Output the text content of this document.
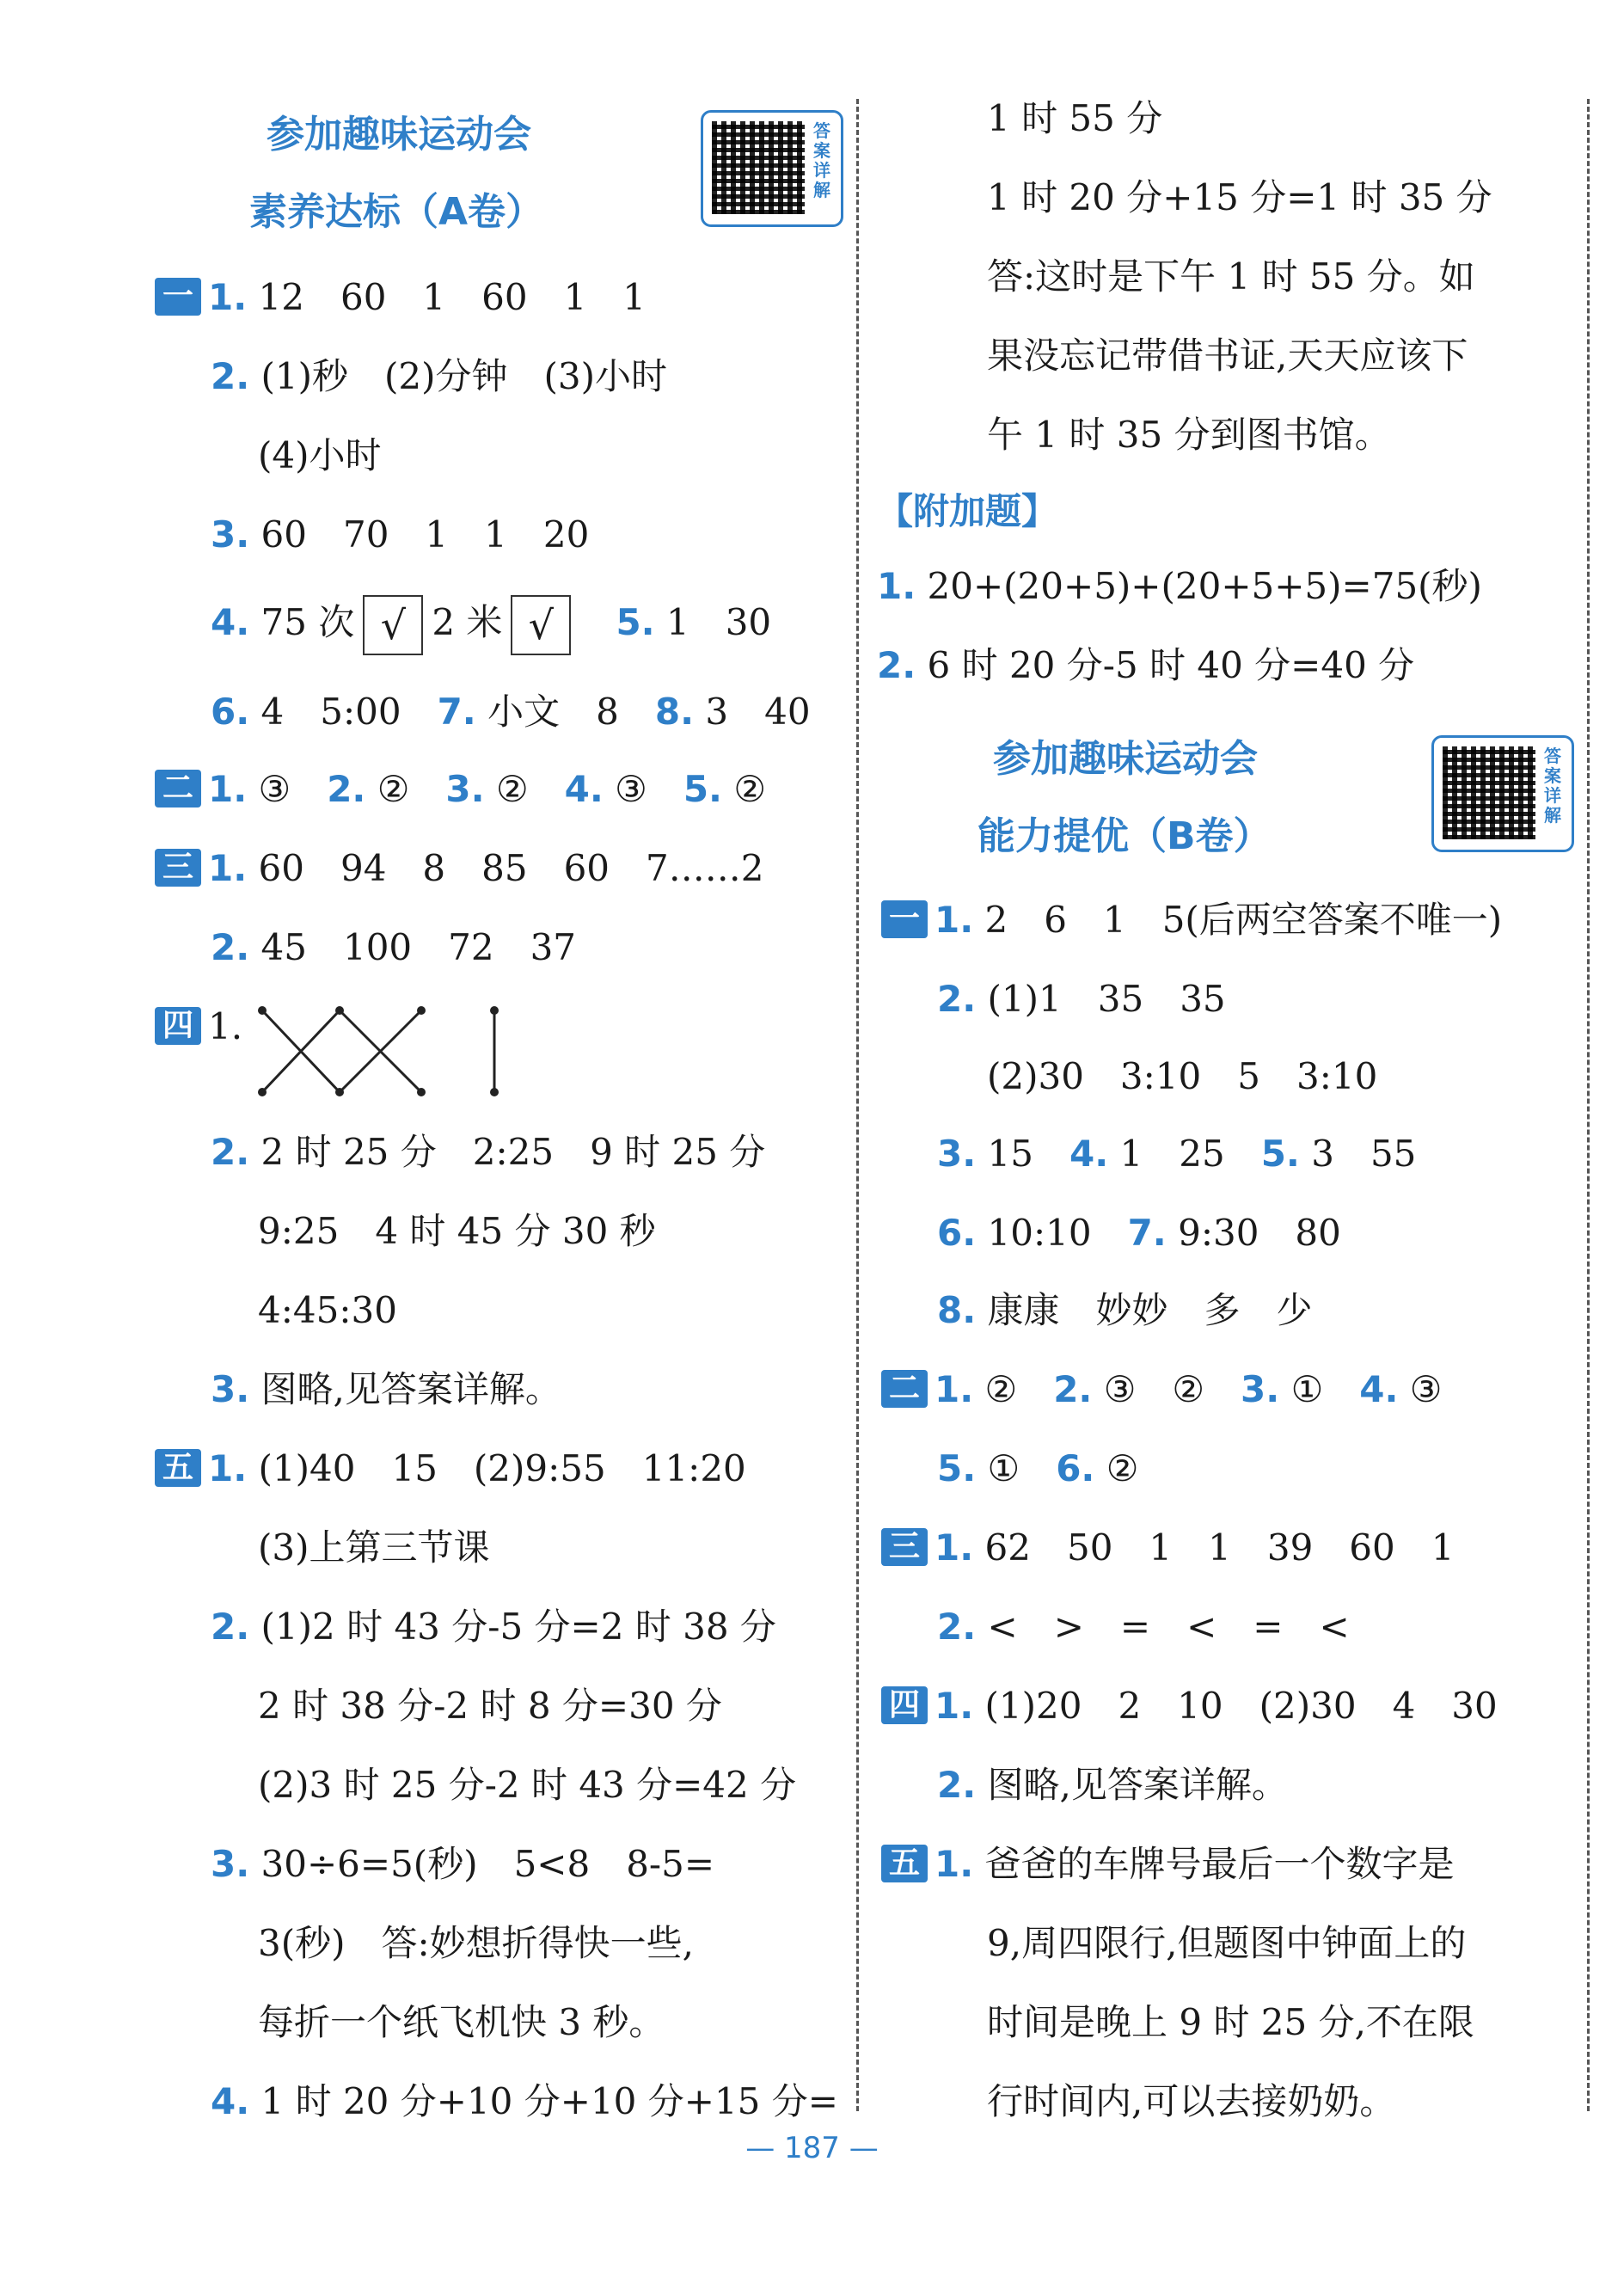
参加趣味运动会
素养达标（A卷）
答案详解
一 1. 12　60　1　60　1　1
2. (1)秒　(2)分钟　(3)小时
(4)小时
3. 60　70　1　1　20
4. 75 次 √ 2 米 √　 5. 1　30
6. 4　5:00　7. 小文　8　8. 3　40
二 1. ③　2. ②　3. ②　4. ③　5. ②
三 1. 60　94　8　85　60　7……2
2. 45　100　72　37
四 1.
2. 2 时 25 分　2:25　9 时 25 分
9:25　4 时 45 分 30 秒
4:45:30
3. 图略,见答案详解。
五 1. (1)40　15　(2)9:55　11:20
(3)上第三节课
2. (1)2 时 43 分-5 分=2 时 38 分
2 时 38 分-2 时 8 分=30 分
(2)3 时 25 分-2 时 43 分=42 分
3. 30÷6=5(秒)　5<8　8-5=
3(秒)　答:妙想折得快一些,
每折一个纸飞机快 3 秒。
4. 1 时 20 分+10 分+10 分+15 分=
1 时 55 分
1 时 20 分+15 分=1 时 35 分
答:这时是下午 1 时 55 分。如
果没忘记带借书证,天天应该下
午 1 时 35 分到图书馆。
【附加题】
1. 20+(20+5)+(20+5+5)=75(秒)
2. 6 时 20 分-5 时 40 分=40 分
参加趣味运动会
能力提优（B卷）
答案详解
一 1. 2　6　1　5(后两空答案不唯一)
2. (1)1　35　35
(2)30　3:10　5　3:10
3. 15　4. 1　25　5. 3　55
6. 10:10　7. 9:30　80
8. 康康　妙妙　多　少
二 1. ②　2. ③　②　3. ①　4. ③
5. ①　6. ②
三 1. 62　50　1　1　39　60　1
2. <　>　=　<　=　<
四 1. (1)20　2　10　(2)30　4　30
2. 图略,见答案详解。
五 1. 爸爸的车牌号最后一个数字是
9,周四限行,但题图中钟面上的
时间是晚上 9 时 25 分,不在限
行时间内,可以去接奶奶。
— 187 —
